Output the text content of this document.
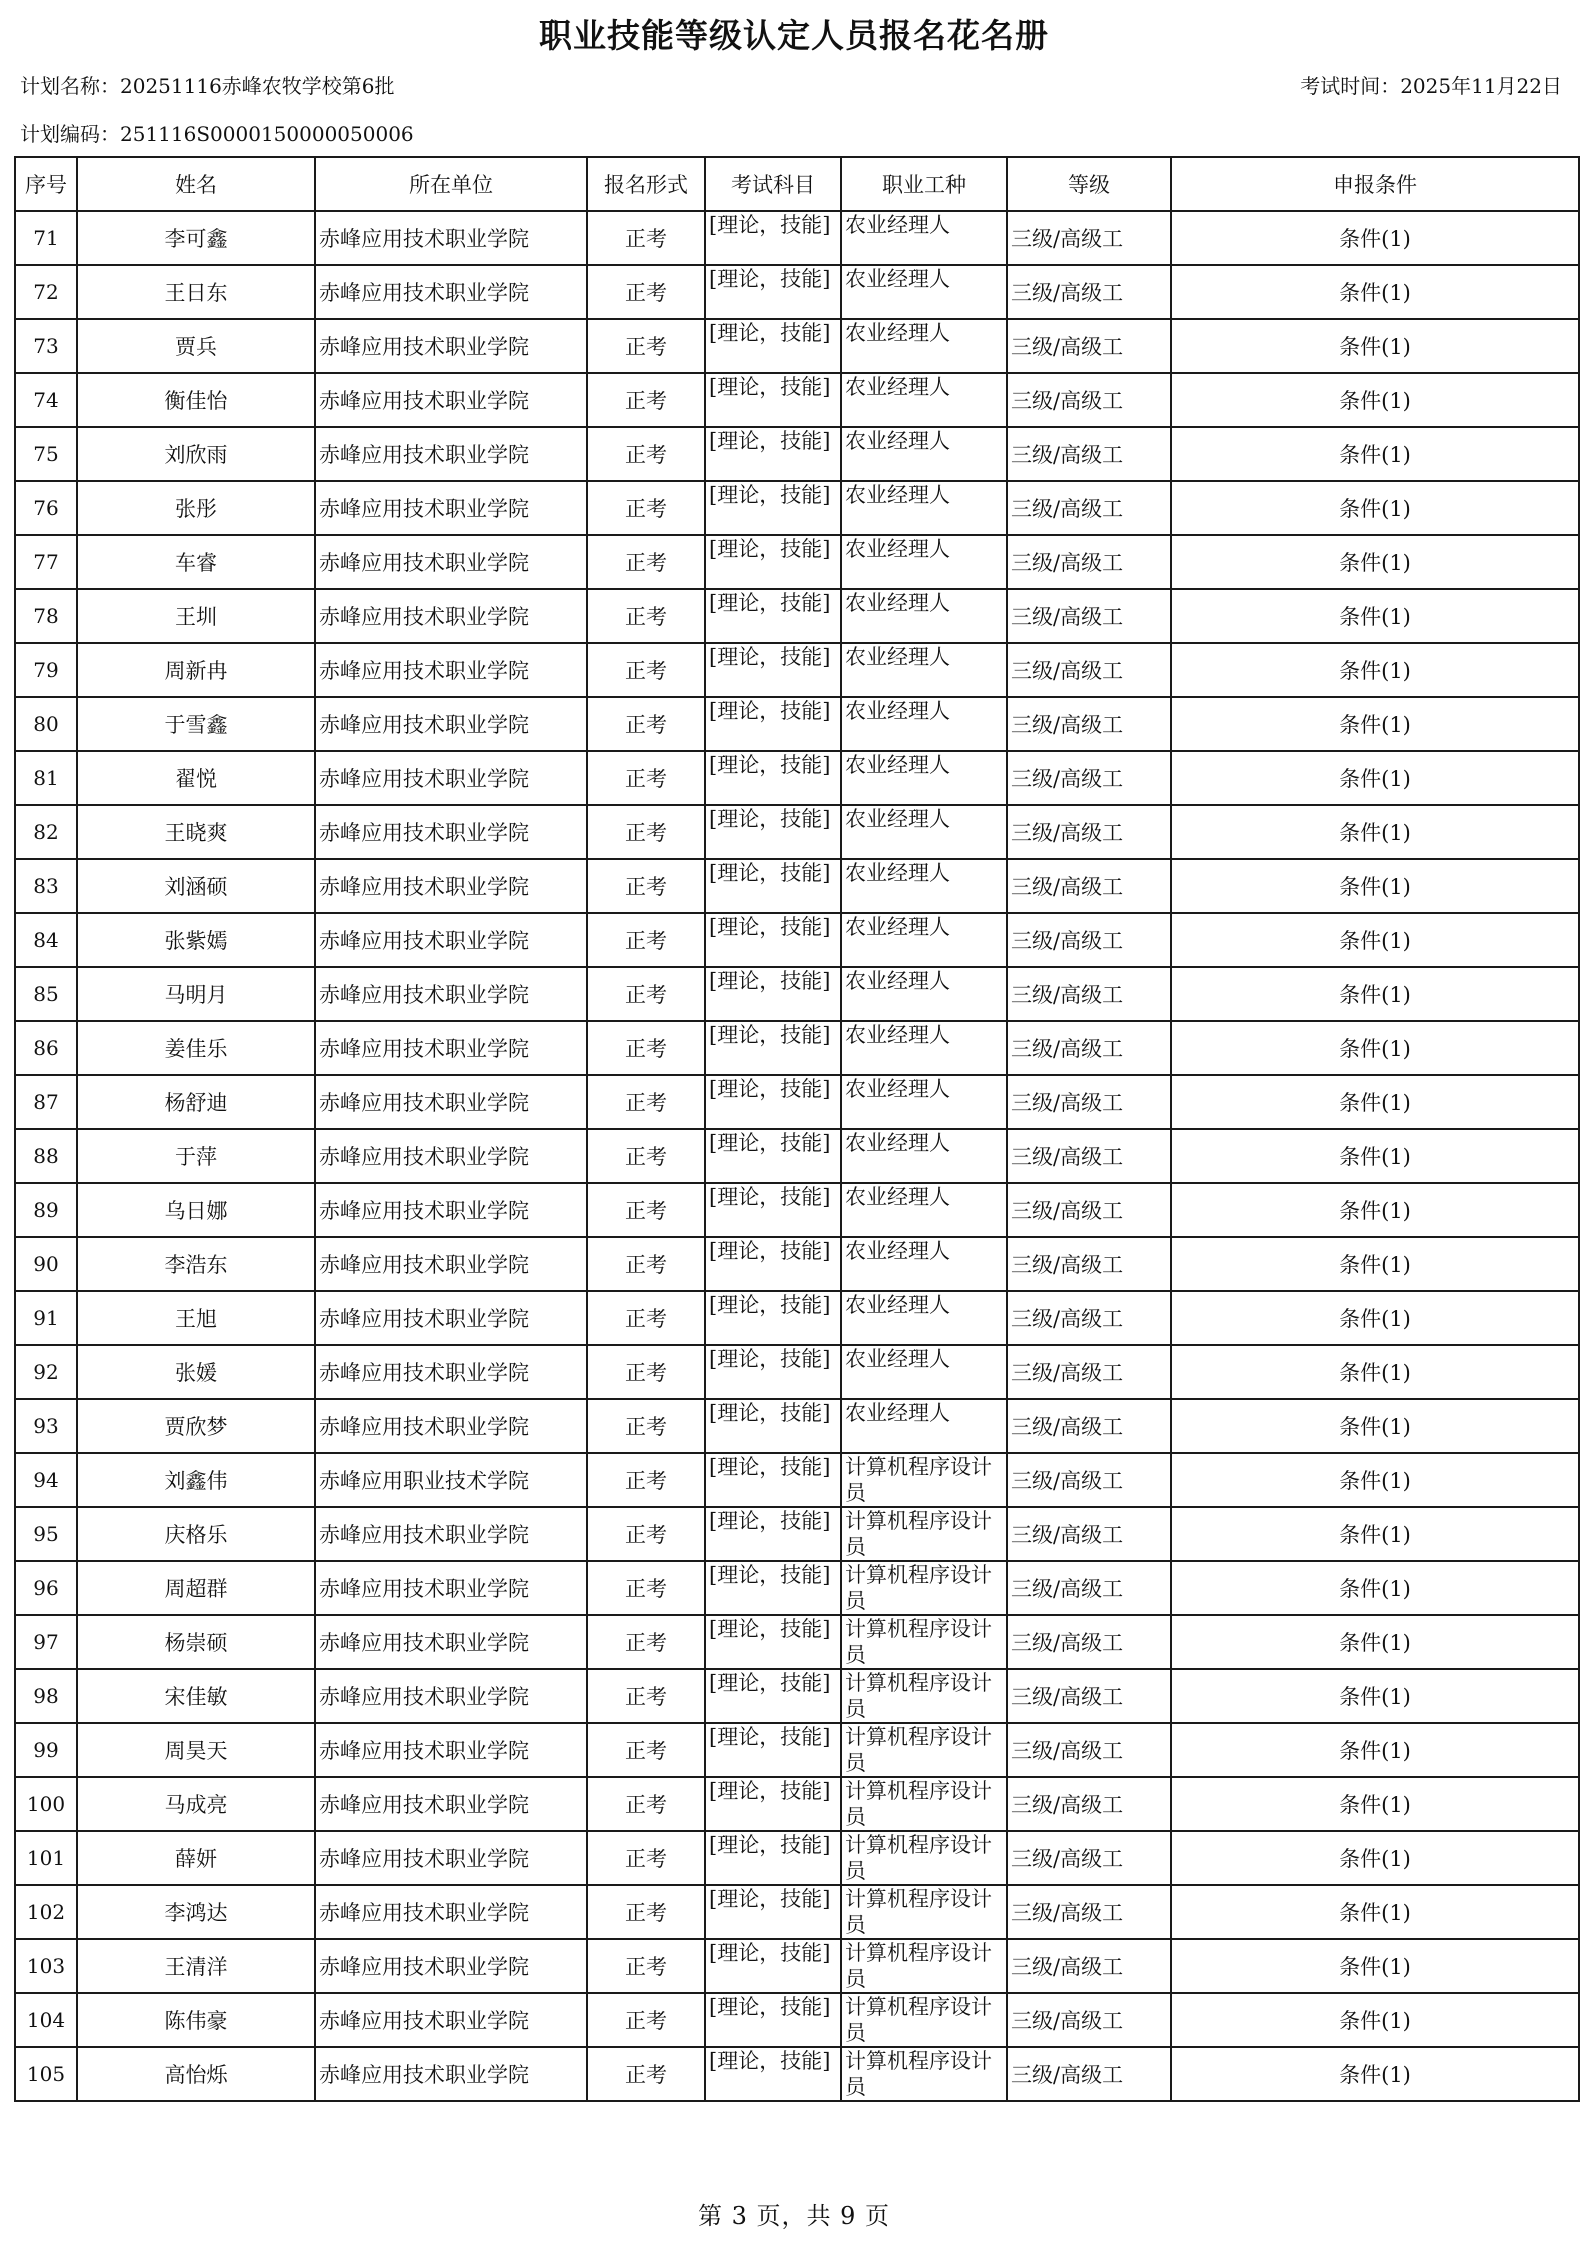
职业技能等级认定人员报名花名册
计划名称：20251116赤峰农牧学校第6批	考试时间：2025年11月22日
计划编码：251116S000015000005000​6
序号	姓名	所在单位	报名形式	考试科目	职业工种	等级	申报条件
71	李可鑫	赤峰应用技术职业学院	正考	[理论，技能]	农业经理人	三级/高级工	条件(1)
72	王日东	赤峰应用技术职业学院	正考	[理论，技能]	农业经理人	三级/高级工	条件(1)
73	贾兵	赤峰应用技术职业学院	正考	[理论，技能]	农业经理人	三级/高级工	条件(1)
74	衡佳怡	赤峰应用技术职业学院	正考	[理论，技能]	农业经理人	三级/高级工	条件(1)
75	刘欣雨	赤峰应用技术职业学院	正考	[理论，技能]	农业经理人	三级/高级工	条件(1)
76	张彤	赤峰应用技术职业学院	正考	[理论，技能]	农业经理人	三级/高级工	条件(1)
77	车睿	赤峰应用技术职业学院	正考	[理论，技能]	农业经理人	三级/高级工	条件(1)
78	王圳	赤峰应用技术职业学院	正考	[理论，技能]	农业经理人	三级/高级工	条件(1)
79	周新冉	赤峰应用技术职业学院	正考	[理论，技能]	农业经理人	三级/高级工	条件(1)
80	于雪鑫	赤峰应用技术职业学院	正考	[理论，技能]	农业经理人	三级/高级工	条件(1)
81	翟悦	赤峰应用技术职业学院	正考	[理论，技能]	农业经理人	三级/高级工	条件(1)
82	王晓爽	赤峰应用技术职业学院	正考	[理论，技能]	农业经理人	三级/高级工	条件(1)
83	刘涵硕	赤峰应用技术职业学院	正考	[理论，技能]	农业经理人	三级/高级工	条件(1)
84	张紫嫣	赤峰应用技术职业学院	正考	[理论，技能]	农业经理人	三级/高级工	条件(1)
85	马明月	赤峰应用技术职业学院	正考	[理论，技能]	农业经理人	三级/高级工	条件(1)
86	姜佳乐	赤峰应用技术职业学院	正考	[理论，技能]	农业经理人	三级/高级工	条件(1)
87	杨舒迪	赤峰应用技术职业学院	正考	[理论，技能]	农业经理人	三级/高级工	条件(1)
88	于萍	赤峰应用技术职业学院	正考	[理论，技能]	农业经理人	三级/高级工	条件(1)
89	乌日娜	赤峰应用技术职业学院	正考	[理论，技能]	农业经理人	三级/高级工	条件(1)
90	李浩东	赤峰应用技术职业学院	正考	[理论，技能]	农业经理人	三级/高级工	条件(1)
91	王旭	赤峰应用技术职业学院	正考	[理论，技能]	农业经理人	三级/高级工	条件(1)
92	张媛	赤峰应用技术职业学院	正考	[理论，技能]	农业经理人	三级/高级工	条件(1)
93	贾欣梦	赤峰应用技术职业学院	正考	[理论，技能]	农业经理人	三级/高级工	条件(1)
94	刘鑫伟	赤峰应用职业技术学院	正考	[理论，技能]	计算机程序设计员	三级/高级工	条件(1)
95	庆格乐	赤峰应用技术职业学院	正考	[理论，技能]	计算机程序设计员	三级/高级工	条件(1)
96	周超群	赤峰应用技术职业学院	正考	[理论，技能]	计算机程序设计员	三级/高级工	条件(1)
97	杨崇硕	赤峰应用技术职业学院	正考	[理论，技能]	计算机程序设计员	三级/高级工	条件(1)
98	宋佳敏	赤峰应用技术职业学院	正考	[理论，技能]	计算机程序设计员	三级/高级工	条件(1)
99	周昊天	赤峰应用技术职业学院	正考	[理论，技能]	计算机程序设计员	三级/高级工	条件(1)
100	马成亮	赤峰应用技术职业学院	正考	[理论，技能]	计算机程序设计员	三级/高级工	条件(1)
101	薛妍	赤峰应用技术职业学院	正考	[理论，技能]	计算机程序设计员	三级/高级工	条件(1)
102	李鸿达	赤峰应用技术职业学院	正考	[理论，技能]	计算机程序设计员	三级/高级工	条件(1)
103	王清洋	赤峰应用技术职业学院	正考	[理论，技能]	计算机程序设计员	三级/高级工	条件(1)
104	陈伟豪	赤峰应用技术职业学院	正考	[理论，技能]	计算机程序设计员	三级/高级工	条件(1)
105	高怡烁	赤峰应用技术职业学院	正考	[理论，技能]	计算机程序设计员	三级/高级工	条件(1)
第 3 页，共 9 页
